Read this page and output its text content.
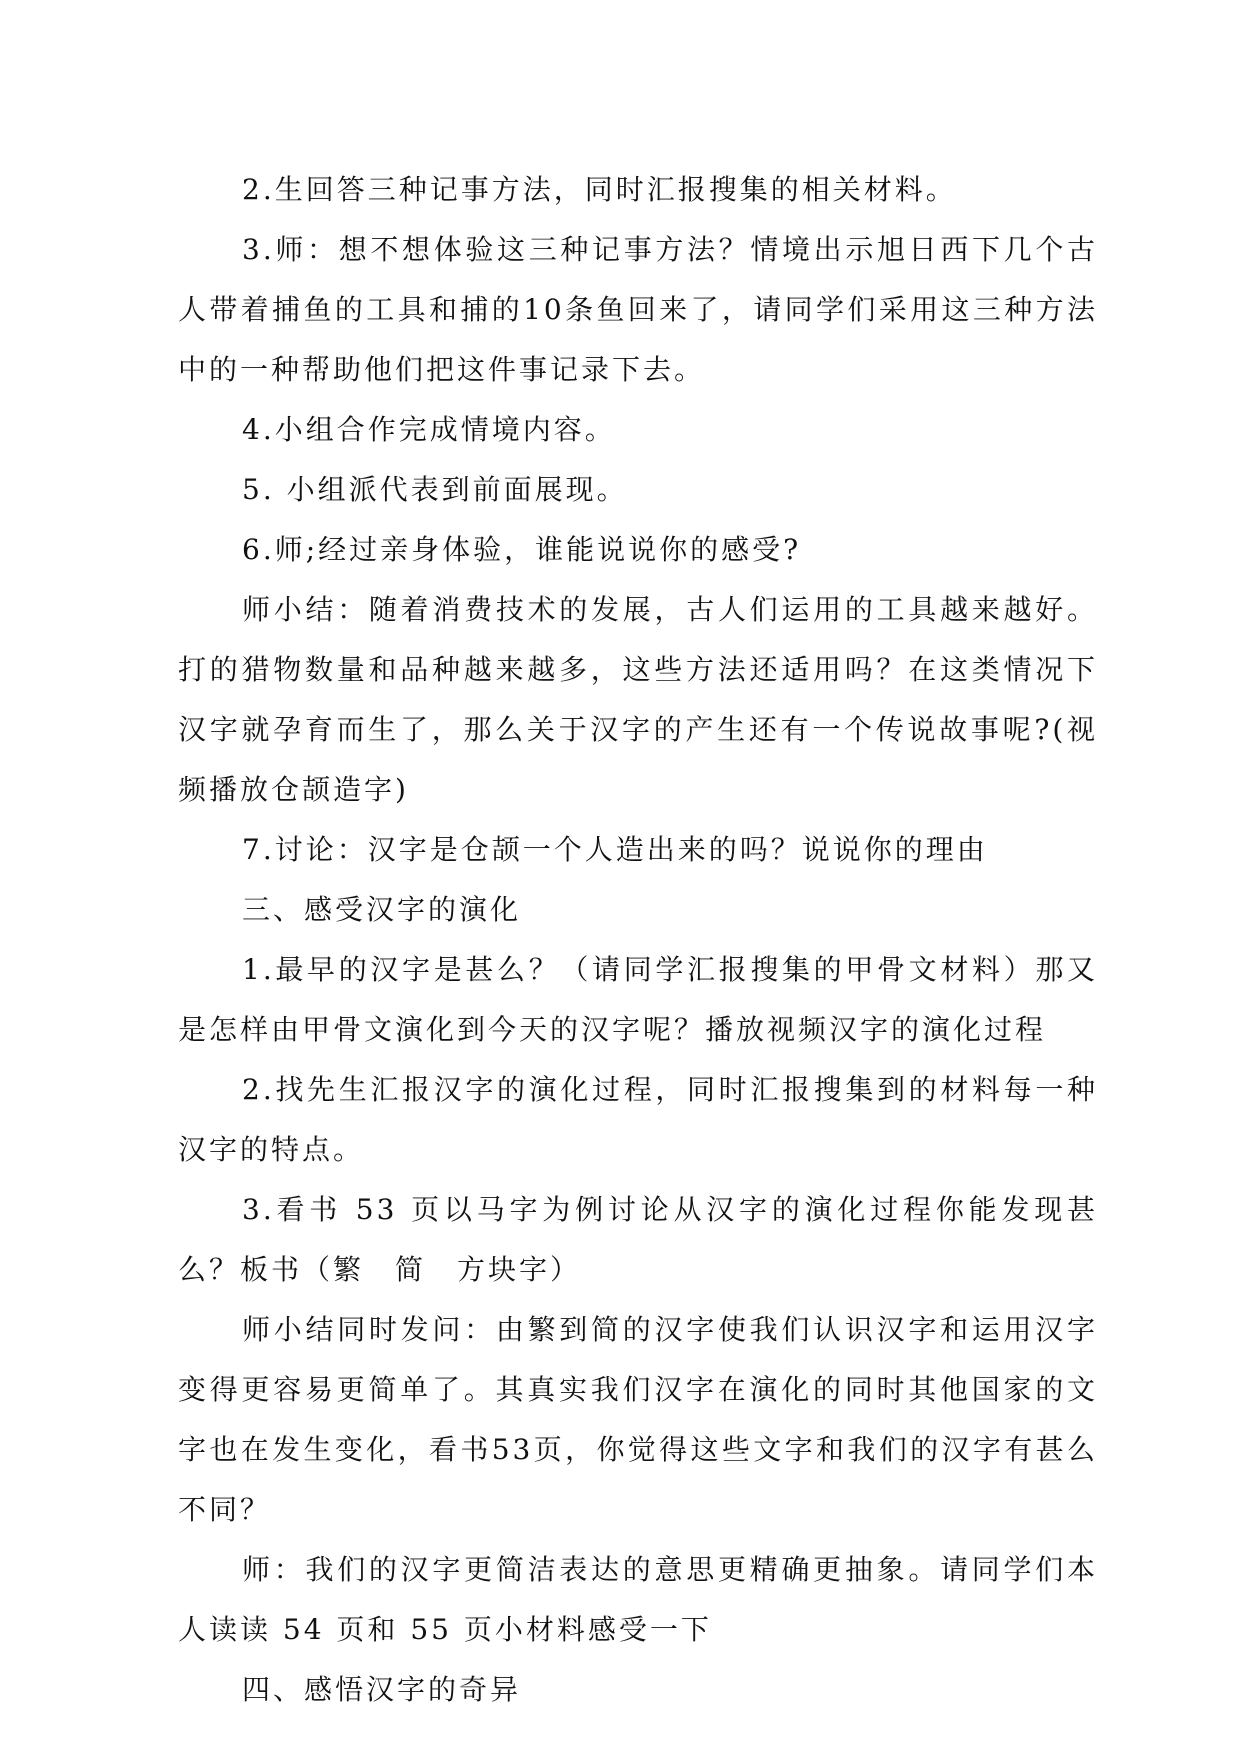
2.生回答三种记事方法，同时汇报搜集的相关材料。

3.师：想不想体验这三种记事方法？情境出示旭日西下几个古人带着捕鱼的工具和捕的10条鱼回来了，请同学们采用这三种方法中的一种帮助他们把这件事记录下去。

4.小组合作完成情境内容。

5. 小组派代表到前面展现。

6.师;经过亲身体验，谁能说说你的感受?

师小结：随着消费技术的发展，古人们运用的工具越来越好。打的猎物数量和品种越来越多，这些方法还适用吗？在这类情况下汉字就孕育而生了，那么关于汉字的产生还有一个传说故事呢?(视频播放仓颉造字)

7.讨论：汉字是仓颉一个人造出来的吗？说说你的理由

三、感受汉字的演化

1.最早的汉字是甚么？（请同学汇报搜集的甲骨文材料）那又是怎样由甲骨文演化到今天的汉字呢？播放视频汉字的演化过程

2.找先生汇报汉字的演化过程，同时汇报搜集到的材料每一种汉字的特点。

3.看书 53 页以马字为例讨论从汉字的演化过程你能发现甚么？板书（繁　简　方块字）

师小结同时发问：由繁到简的汉字使我们认识汉字和运用汉字变得更容易更简单了。其真实我们汉字在演化的同时其他国家的文字也在发生变化，看书53页，你觉得这些文字和我们的汉字有甚么不同？

师：我们的汉字更简洁表达的意思更精确更抽象。请同学们本人读读 54 页和 55 页小材料感受一下

四、感悟汉字的奇异
